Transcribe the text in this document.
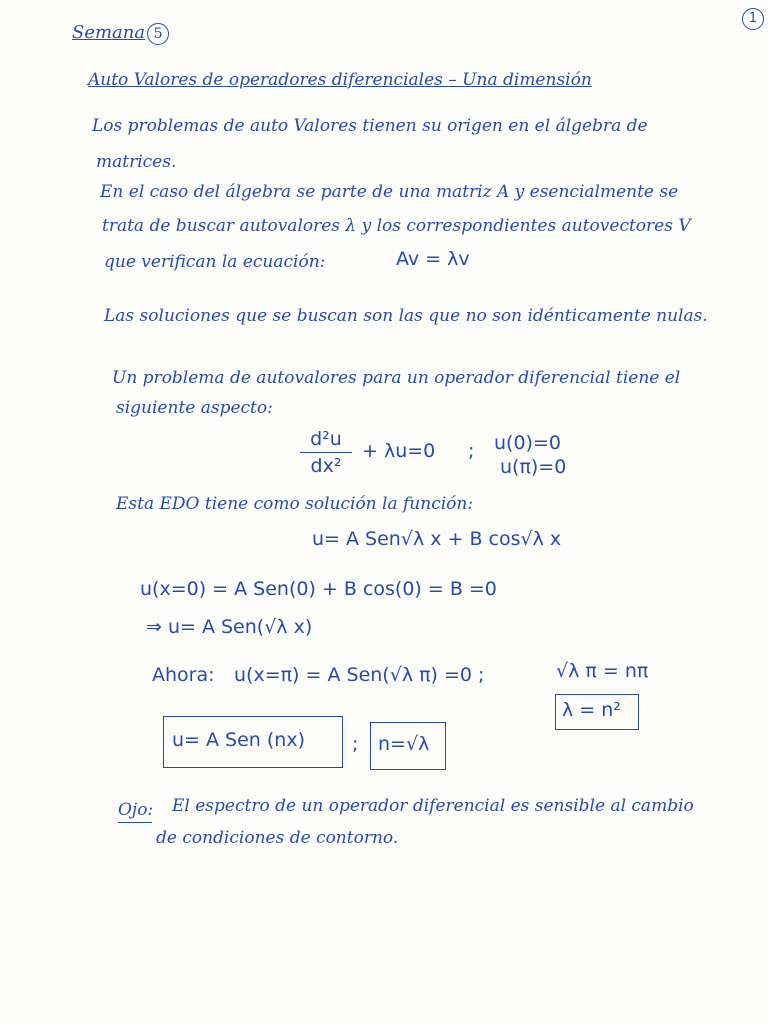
Semana 5
1
Auto Valores de operadores diferenciales – Una dimensión
Los problemas de auto Valores tienen su origen en el álgebra de
matrices.
En el caso del álgebra se parte de una matriz A y esencialmente se
trata de buscar autovalores λ y los correspondientes autovectores V
que verifican la ecuación:	Av = λv
Las soluciones que se buscan son las que no son idénticamente nulas.
Un problema de autovalores para un operador diferencial tiene el
siguiente aspecto:
$\frac{\text{d²u}}{\text{dx²}} + \lambda u=0$ ; u(0)=0
u(π)=0
Esta EDO tiene como solución la función:
u= A Sen√λ x + B cos√λ x
u(x=0) = A Sen(0) + B cos(0) = B =0
⇒ u= A Sen(√λ x)
Ahora: u(x=π) = A Sen(√λ π) =0 ;	√λ π = nπ
λ = n²
u= A Sen (nx) ; n=√λ
Ojo: El espectro de un operador diferencial es sensible al cambio
de condiciones de contorno.
